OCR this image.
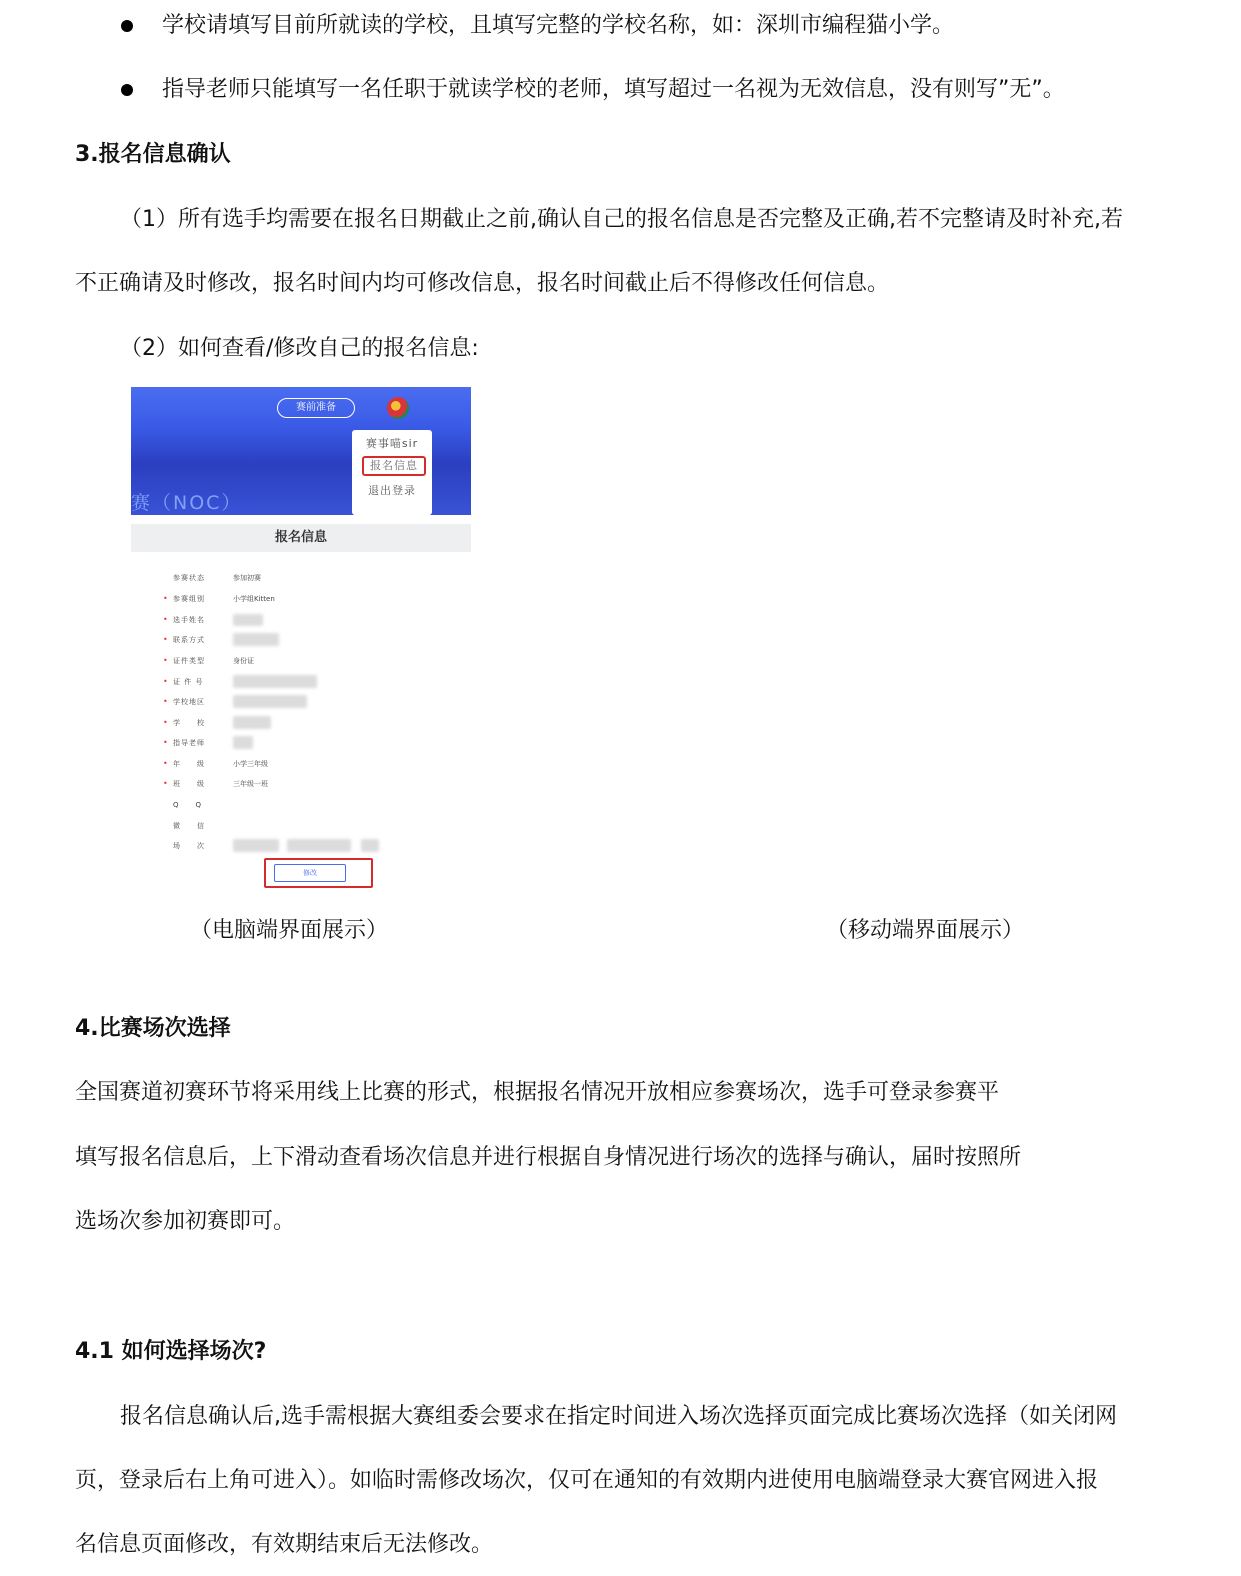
学校请填写目前所就读的学校，且填写完整的学校名称，如：深圳市编程猫小学。
指导老师只能填写一名任职于就读学校的老师，填写超过一名视为无效信息，没有则写”无”。
3.报名信息确认
（1）所有选手均需要在报名日期截止之前,确认自己的报名信息是否完整及正确,若不完整请及时补充,若
不正确请及时修改，报名时间内均可修改信息，报名时间截止后不得修改任何信息。
（2）如何查看/修改自己的报名信息:
赛前准备
赛（NOC）
赛事喵sir
报名信息
退出登录
报名信息
参赛状态	参加初赛
• 参赛组别	小学组Kitten
• 选手姓名
• 联系方式
• 证件类型	身份证
• 证 件 号
• 学校地区
• 学　　校
• 指导老师
• 年　　级	小学三年级
• 班　　级	三年级一班
Q　　Q
微　　信
场　　次
修改
（电脑端界面展示）	（移动端界面展示）
4.比赛场次选择
全国赛道初赛环节将采用线上比赛的形式，根据报名情况开放相应参赛场次，选手可登录参赛平
填写报名信息后，上下滑动查看场次信息并进行根据自身情况进行场次的选择与确认，届时按照所
选场次参加初赛即可。
4.1 如何选择场次?
报名信息确认后,选手需根据大赛组委会要求在指定时间进入场次选择页面完成比赛场次选择（如关闭网
页，登录后右上角可进入）。如临时需修改场次，仅可在通知的有效期内进使用电脑端登录大赛官网进入报
名信息页面修改，有效期结束后无法修改。
